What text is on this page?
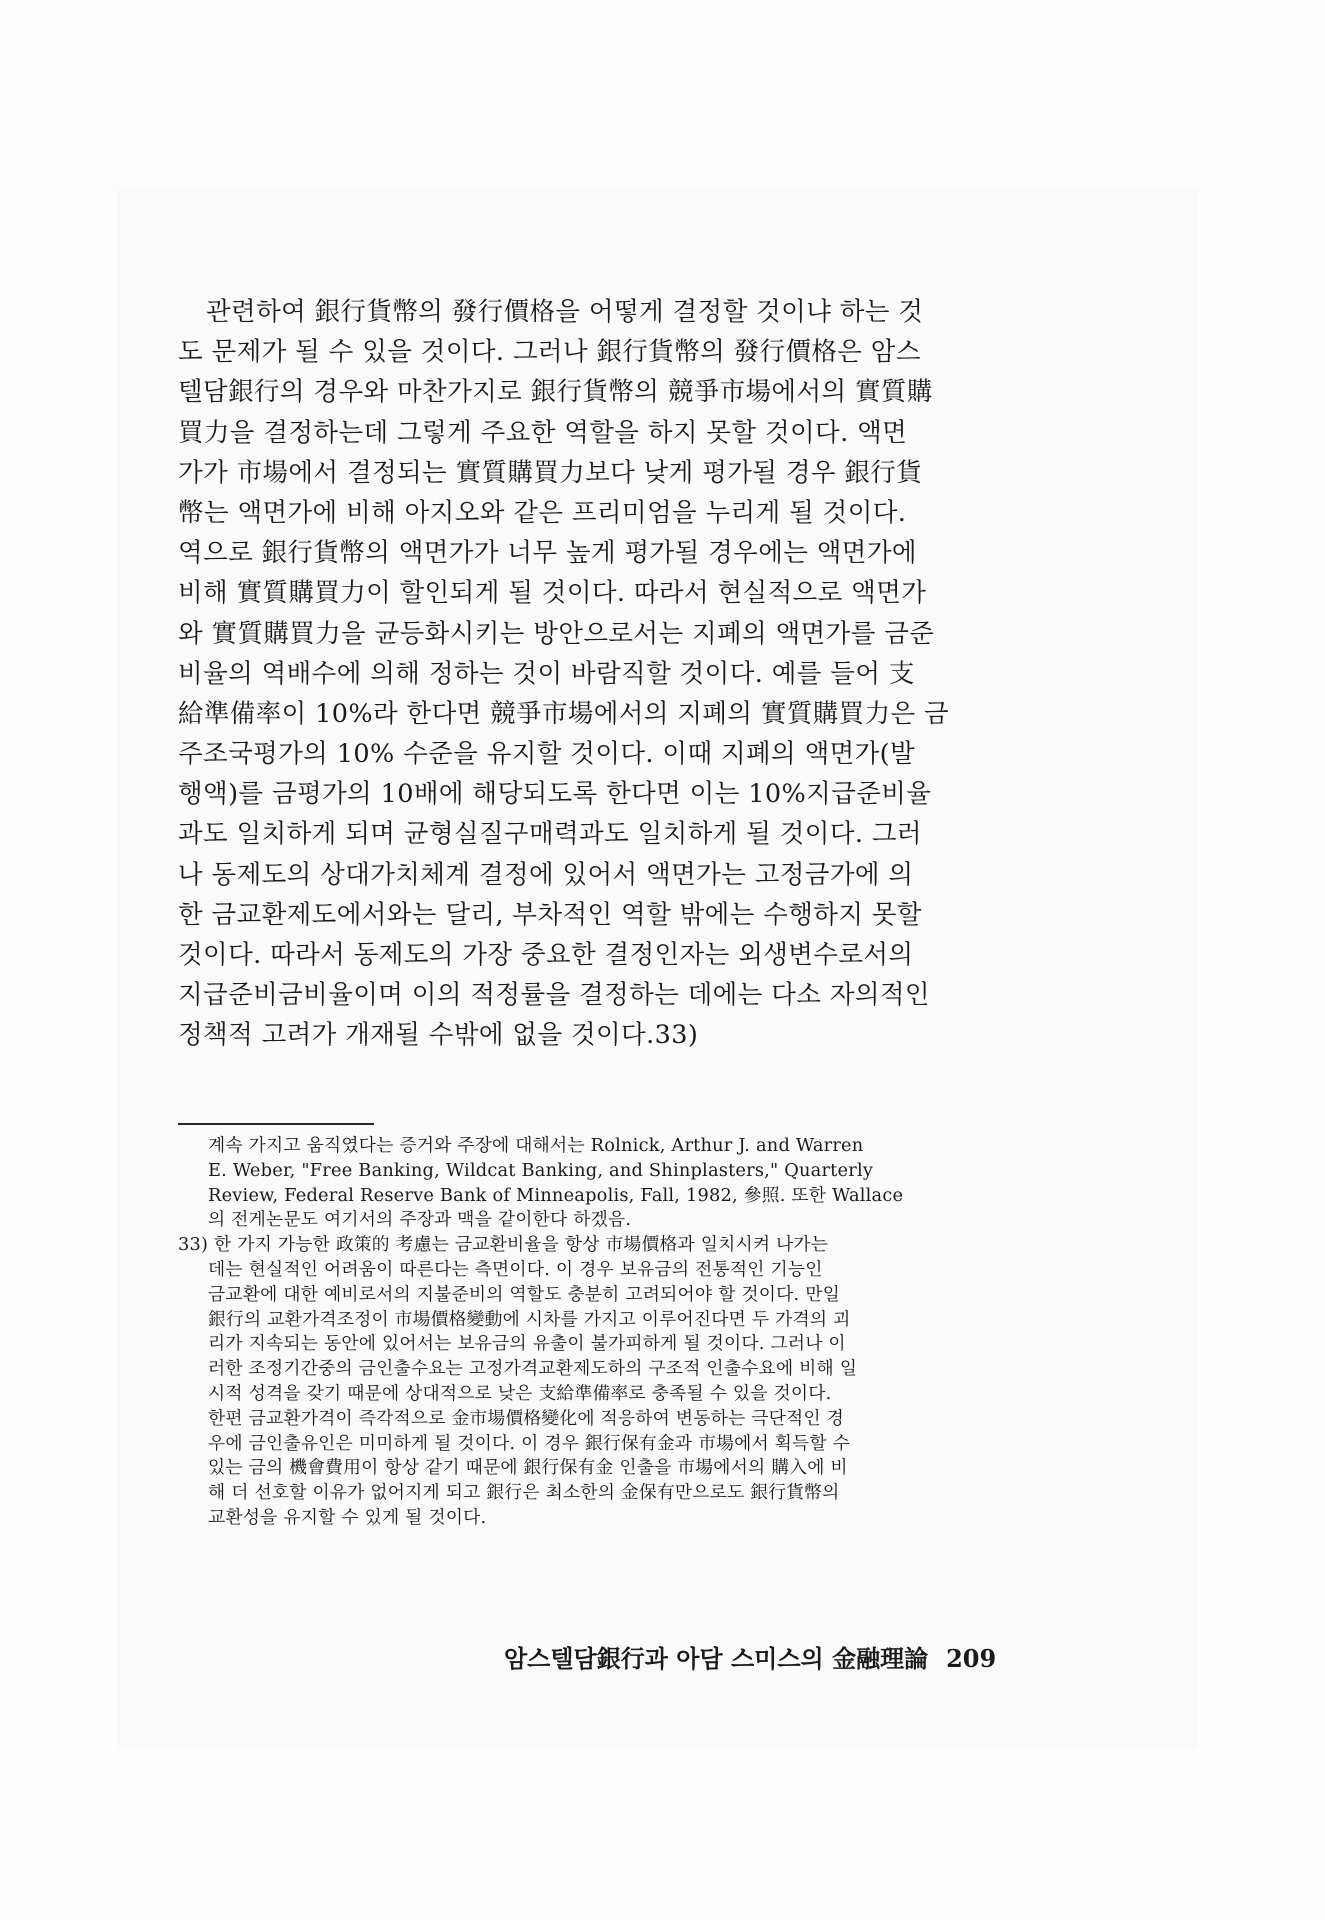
관련하여 銀行貨幣의 發行價格을 어떻게 결정할 것이냐 하는 것
도 문제가 될 수 있을 것이다. 그러나 銀行貨幣의 發行價格은 암스
텔담銀行의 경우와 마찬가지로 銀行貨幣의 競爭市場에서의 實質購
買力을 결정하는데 그렇게 주요한 역할을 하지 못할 것이다. 액면
가가 市場에서 결정되는 實質購買力보다 낮게 평가될 경우 銀行貨
幣는 액면가에 비해 아지오와 같은 프리미엄을 누리게 될 것이다.
역으로 銀行貨幣의 액면가가 너무 높게 평가될 경우에는 액면가에
비해 實質購買力이 할인되게 될 것이다. 따라서 현실적으로 액면가
와 實質購買力을 균등화시키는 방안으로서는 지폐의 액면가를 금준
비율의 역배수에 의해 정하는 것이 바람직할 것이다. 예를 들어 支
給準備率이 10%라 한다면 競爭市場에서의 지폐의 實質購買力은 금
주조국평가의 10% 수준을 유지할 것이다. 이때 지폐의 액면가(발
행액)를 금평가의 10배에 해당되도록 한다면 이는 10%지급준비율
과도 일치하게 되며 균형실질구매력과도 일치하게 될 것이다. 그러
나 동제도의 상대가치체계 결정에 있어서 액면가는 고정금가에 의
한 금교환제도에서와는 달리, 부차적인 역할 밖에는 수행하지 못할
것이다. 따라서 동제도의 가장 중요한 결정인자는 외생변수로서의
지급준비금비율이며 이의 적정률을 결정하는 데에는 다소 자의적인
정책적 고려가 개재될 수밖에 없을 것이다.33)
계속 가지고 움직였다는 증거와 주장에 대해서는 Rolnick, Arthur J. and Warren
E. Weber, "Free Banking, Wildcat Banking, and Shinplasters," Quarterly
Review, Federal Reserve Bank of Minneapolis, Fall, 1982, 參照. 또한 Wallace
의 전게논문도 여기서의 주장과 맥을 같이한다 하겠음.
33) 한 가지 가능한 政策的 考慮는 금교환비율을 항상 市場價格과 일치시켜 나가는
데는 현실적인 어려움이 따른다는 측면이다. 이 경우 보유금의 전통적인 기능인
금교환에 대한 예비로서의 지불준비의 역할도 충분히 고려되어야 할 것이다. 만일
銀行의 교환가격조정이 市場價格變動에 시차를 가지고 이루어진다면 두 가격의 괴
리가 지속되는 동안에 있어서는 보유금의 유출이 불가피하게 될 것이다. 그러나 이
러한 조정기간중의 금인출수요는 고정가격교환제도하의 구조적 인출수요에 비해 일
시적 성격을 갖기 때문에 상대적으로 낮은 支給準備率로 충족될 수 있을 것이다.
한편 금교환가격이 즉각적으로 金市場價格變化에 적응하여 변동하는 극단적인 경
우에 금인출유인은 미미하게 될 것이다. 이 경우 銀行保有金과 市場에서 획득할 수
있는 금의 機會費用이 항상 같기 때문에 銀行保有金 인출을 市場에서의 購入에 비
해 더 선호할 이유가 없어지게 되고 銀行은 최소한의 金保有만으로도 銀行貨幣의
교환성을 유지할 수 있게 될 것이다.
암스텔담銀行과 아담 스미스의 金融理論 209
